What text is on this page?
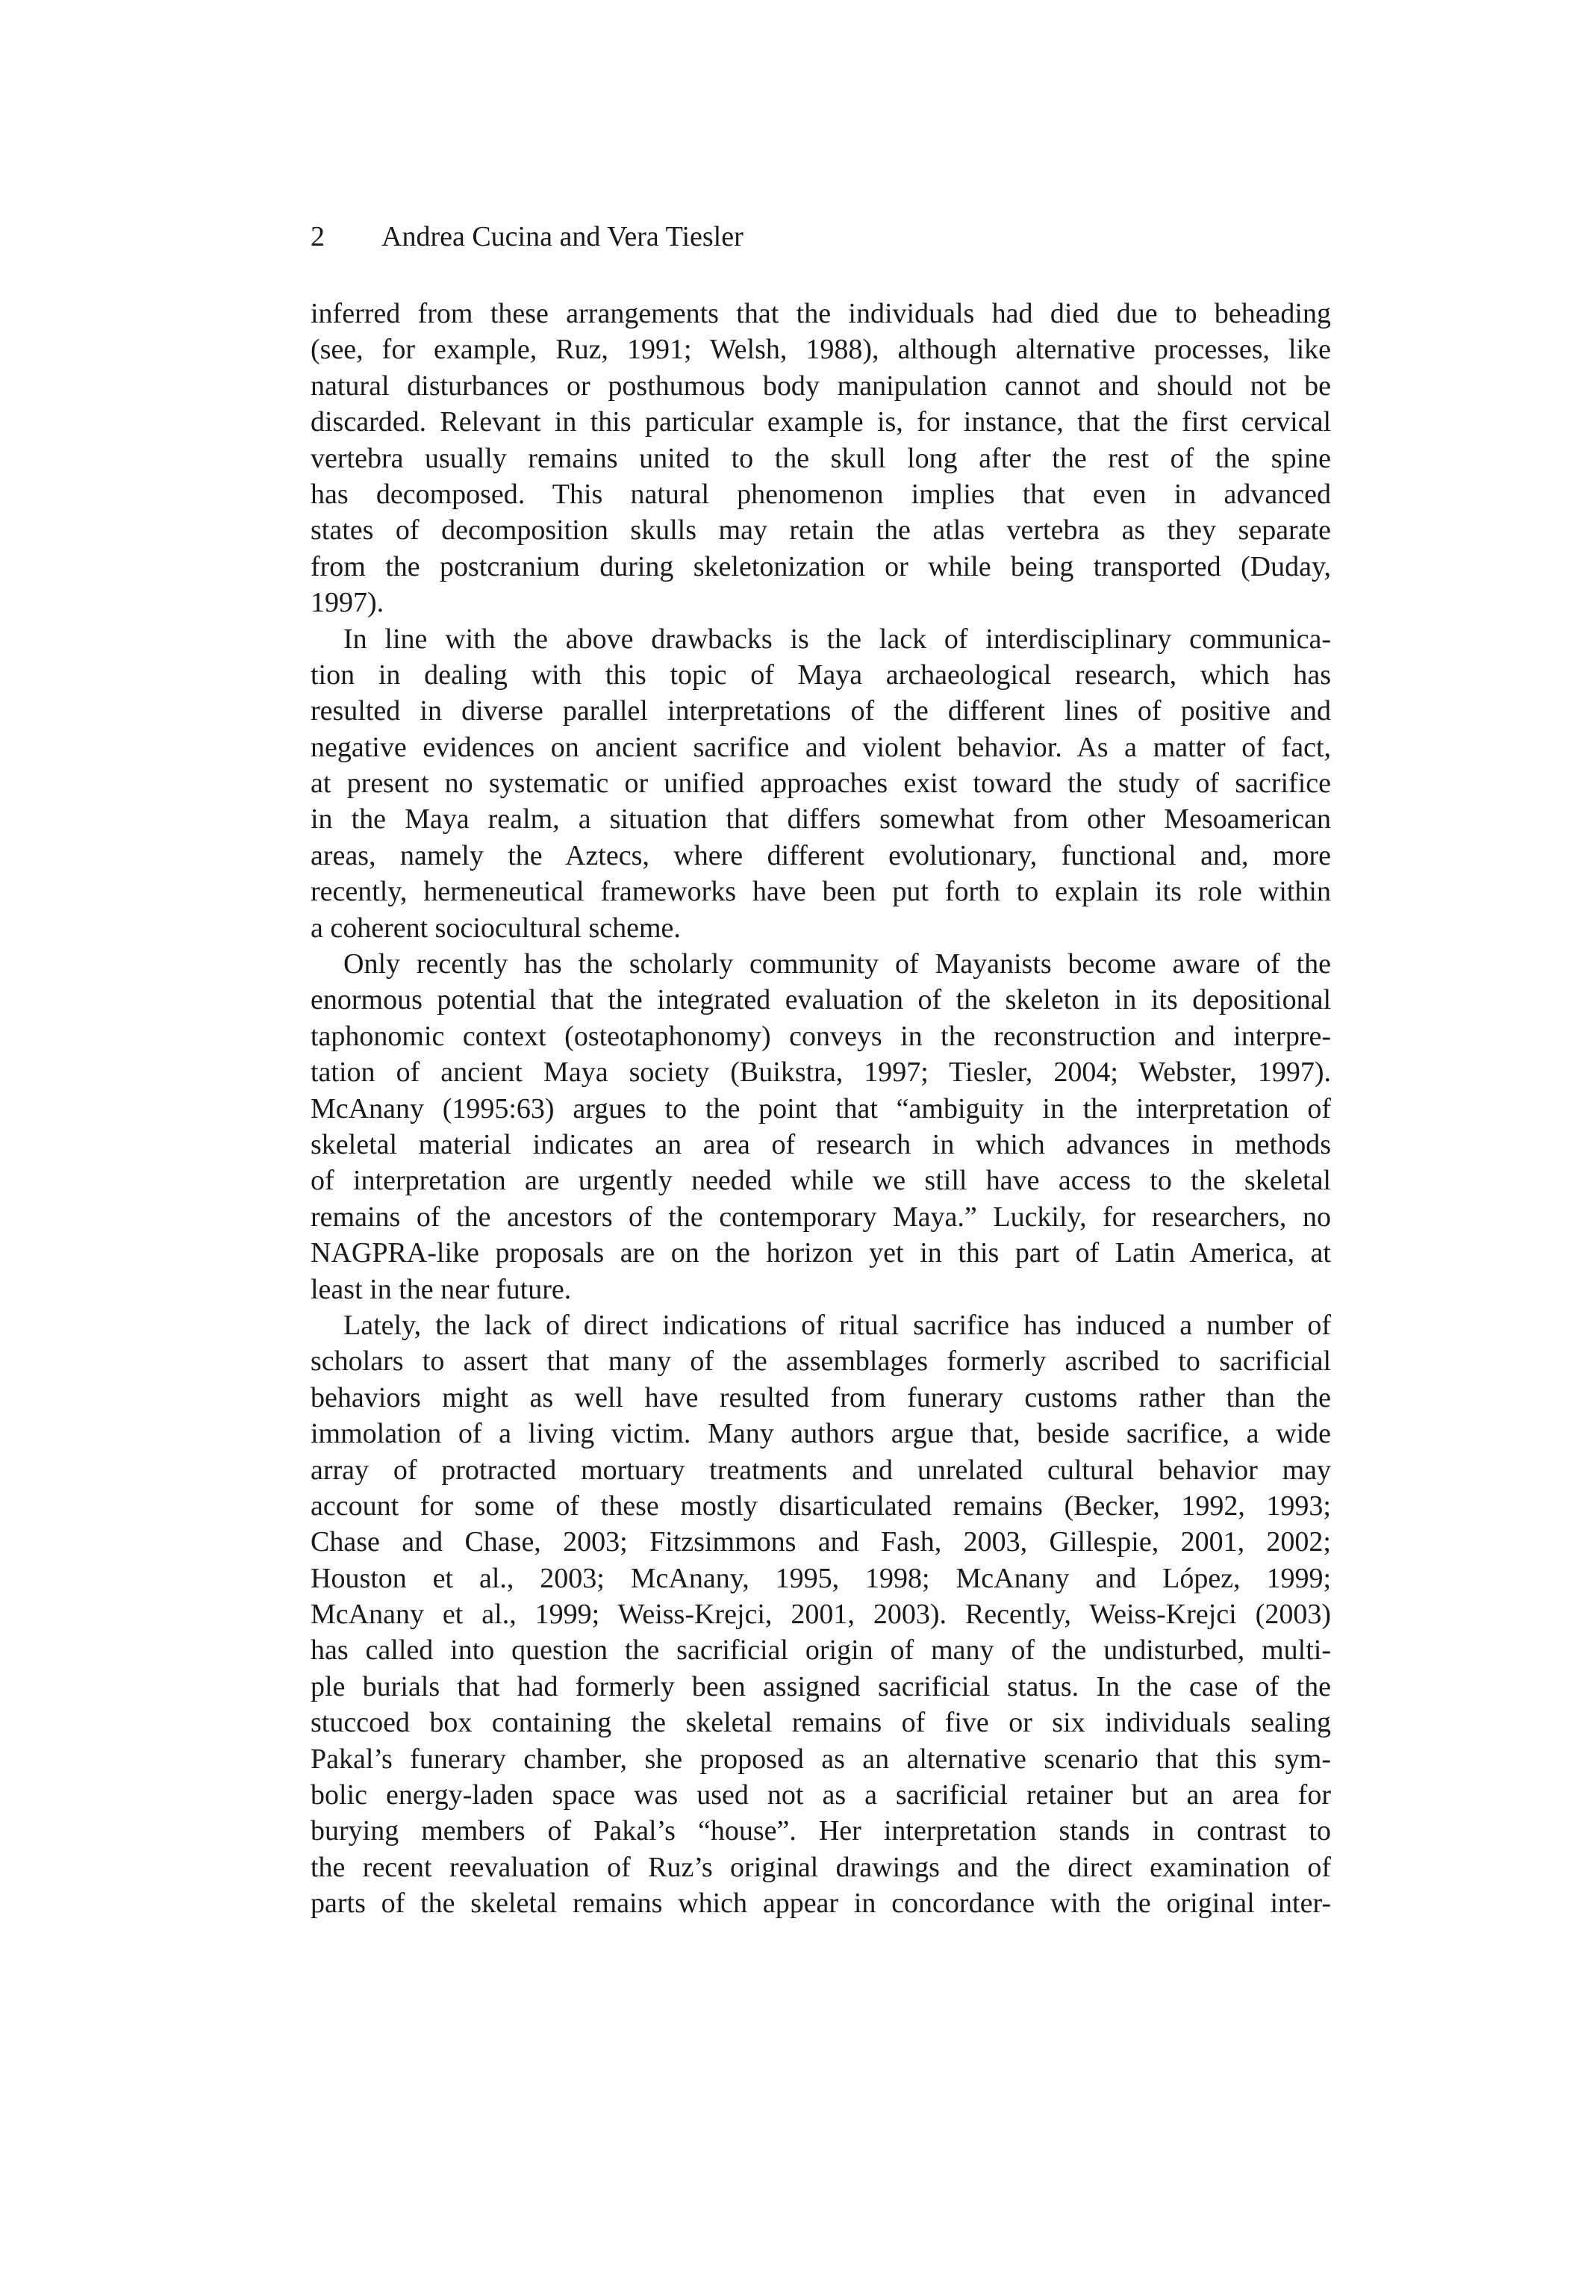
2 Andrea Cucina and Vera Tiesler
inferred from these arrangements that the individuals had died due to beheading
(see, for example, Ruz, 1991; Welsh, 1988), although alternative processes, like
natural disturbances or posthumous body manipulation cannot and should not be
discarded. Relevant in this particular example is, for instance, that the first cervical
vertebra usually remains united to the skull long after the rest of the spine
has decomposed. This natural phenomenon implies that even in advanced
states of decomposition skulls may retain the atlas vertebra as they separate
from the postcranium during skeletonization or while being transported (Duday,
1997).
In line with the above drawbacks is the lack of interdisciplinary communica-
tion in dealing with this topic of Maya archaeological research, which has
resulted in diverse parallel interpretations of the different lines of positive and
negative evidences on ancient sacrifice and violent behavior. As a matter of fact,
at present no systematic or unified approaches exist toward the study of sacrifice
in the Maya realm, a situation that differs somewhat from other Mesoamerican
areas, namely the Aztecs, where different evolutionary, functional and, more
recently, hermeneutical frameworks have been put forth to explain its role within
a coherent sociocultural scheme.
Only recently has the scholarly community of Mayanists become aware of the
enormous potential that the integrated evaluation of the skeleton in its depositional
taphonomic context (osteotaphonomy) conveys in the reconstruction and interpre-
tation of ancient Maya society (Buikstra, 1997; Tiesler, 2004; Webster, 1997).
McAnany (1995:63) argues to the point that “ambiguity in the interpretation of
skeletal material indicates an area of research in which advances in methods
of interpretation are urgently needed while we still have access to the skeletal
remains of the ancestors of the contemporary Maya.” Luckily, for researchers, no
NAGPRA-like proposals are on the horizon yet in this part of Latin America, at
least in the near future.
Lately, the lack of direct indications of ritual sacrifice has induced a number of
scholars to assert that many of the assemblages formerly ascribed to sacrificial
behaviors might as well have resulted from funerary customs rather than the
immolation of a living victim. Many authors argue that, beside sacrifice, a wide
array of protracted mortuary treatments and unrelated cultural behavior may
account for some of these mostly disarticulated remains (Becker, 1992, 1993;
Chase and Chase, 2003; Fitzsimmons and Fash, 2003, Gillespie, 2001, 2002;
Houston et al., 2003; McAnany, 1995, 1998; McAnany and López, 1999;
McAnany et al., 1999; Weiss-Krejci, 2001, 2003). Recently, Weiss-Krejci (2003)
has called into question the sacrificial origin of many of the undisturbed, multi-
ple burials that had formerly been assigned sacrificial status. In the case of the
stuccoed box containing the skeletal remains of five or six individuals sealing
Pakal’s funerary chamber, she proposed as an alternative scenario that this sym-
bolic energy-laden space was used not as a sacrificial retainer but an area for
burying members of Pakal’s “house”. Her interpretation stands in contrast to
the recent reevaluation of Ruz’s original drawings and the direct examination of
parts of the skeletal remains which appear in concordance with the original inter-
